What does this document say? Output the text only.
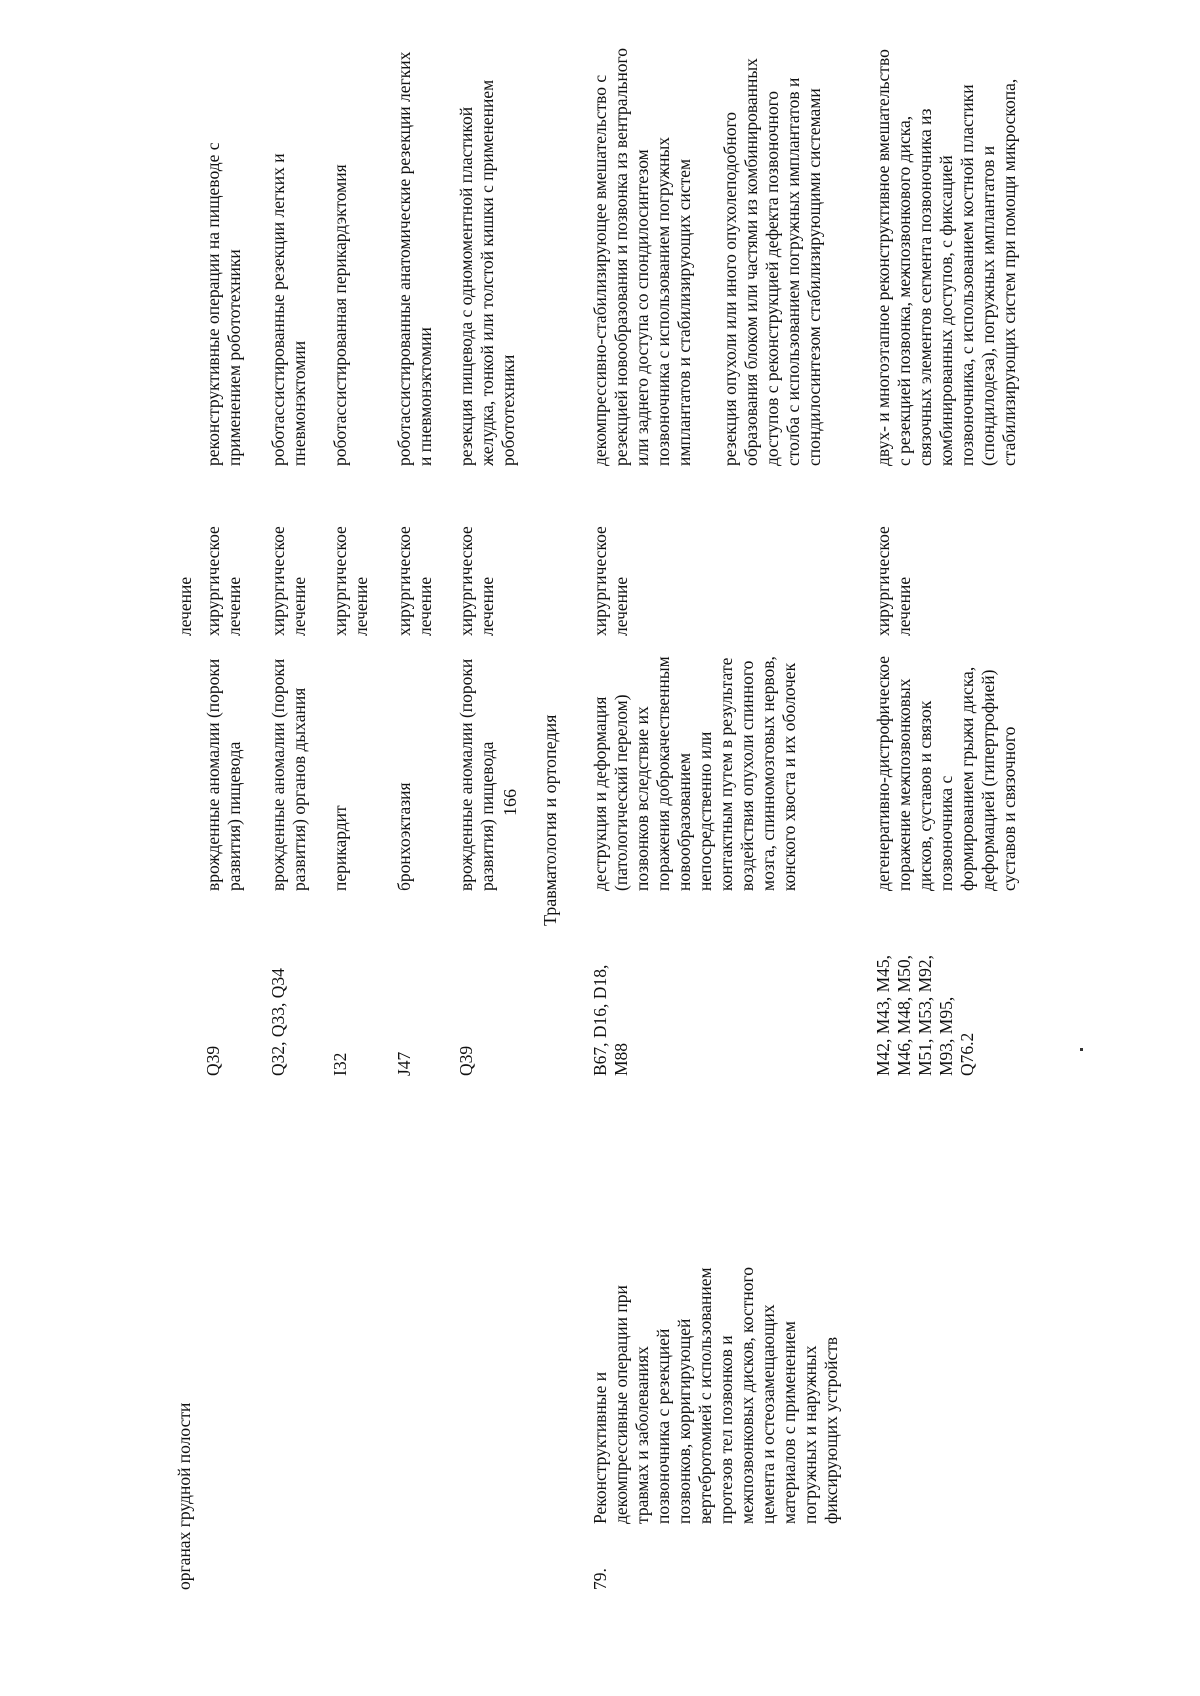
166
органах грудной полости
лечение
Q39
врожденные аномалии (пороки развития) пищевода
хирургическое лечение
реконструктивные операции на пищеводе с применением робототехники
Q32, Q33, Q34
врожденные аномалии (пороки развития) органов дыхания
хирургическое лечение
роботассистированные резекции легких и пневмонэктомии
I32
перикардит
хирургическое лечение
роботассистированная перикардэктомия
J47
бронхоэктазия
хирургическое лечение
роботассистированные анатомические резекции легких и пневмонэктомии
Q39
врожденные аномалии (пороки развития) пищевода
хирургическое лечение
резекция пищевода с одномоментной пластикой желудка, тонкой или толстой кишки с применением робототехники
Травматология и ортопедия
79.
Реконструктивные и декомпрессивные операции при травмах и заболеваниях позвоночника с резекцией позвонков, корригирующей вертебротомией с использованием протезов тел позвонков и межпозвонковых дисков, костного цемента и остеозамещающих материалов с применением погружных и наружных фиксирующих устройств
B67, D16, D18, M88
деструкция и деформация (патологический перелом) позвонков вследствие их поражения доброкачественным новообразованием непосредственно или контактным путем в результате воздействия опухоли спинного мозга, спинномозговых нервов, конского хвоста и их оболочек
хирургическое лечение
декомпрессивно-стабилизирующее вмешательство с резекцией новообразования и позвонка из вентрального или заднего доступа со спондилосинтезом позвоночника с использованием погружных имплантатов и стабилизирующих систем резекция опухоли или иного опухолеподобного образования блоком или частями из комбинированных доступов с реконструкцией дефекта позвоночного столба с использованием погружных имплантатов и спондилосинтезом стабилизирующими системами
M42, M43, M45, M46, M48, M50, M51, M53, M92, M93, M95, Q76.2
дегенеративно-дистрофическое поражение межпозвонковых дисков, суставов и связок позвоночника с формированием грыжи диска, деформацией (гипертрофией) суставов и связочного
хирургическое лечение
двух- и многоэтапное реконструктивное вмешательство с резекцией позвонка, межпозвонкового диска, связочных элементов сегмента позвоночника из комбинированных доступов, с фиксацией позвоночника, с использованием костной пластики (спондилодеза), погружных имплантатов и стабилизирующих систем при помощи микроскопа,
